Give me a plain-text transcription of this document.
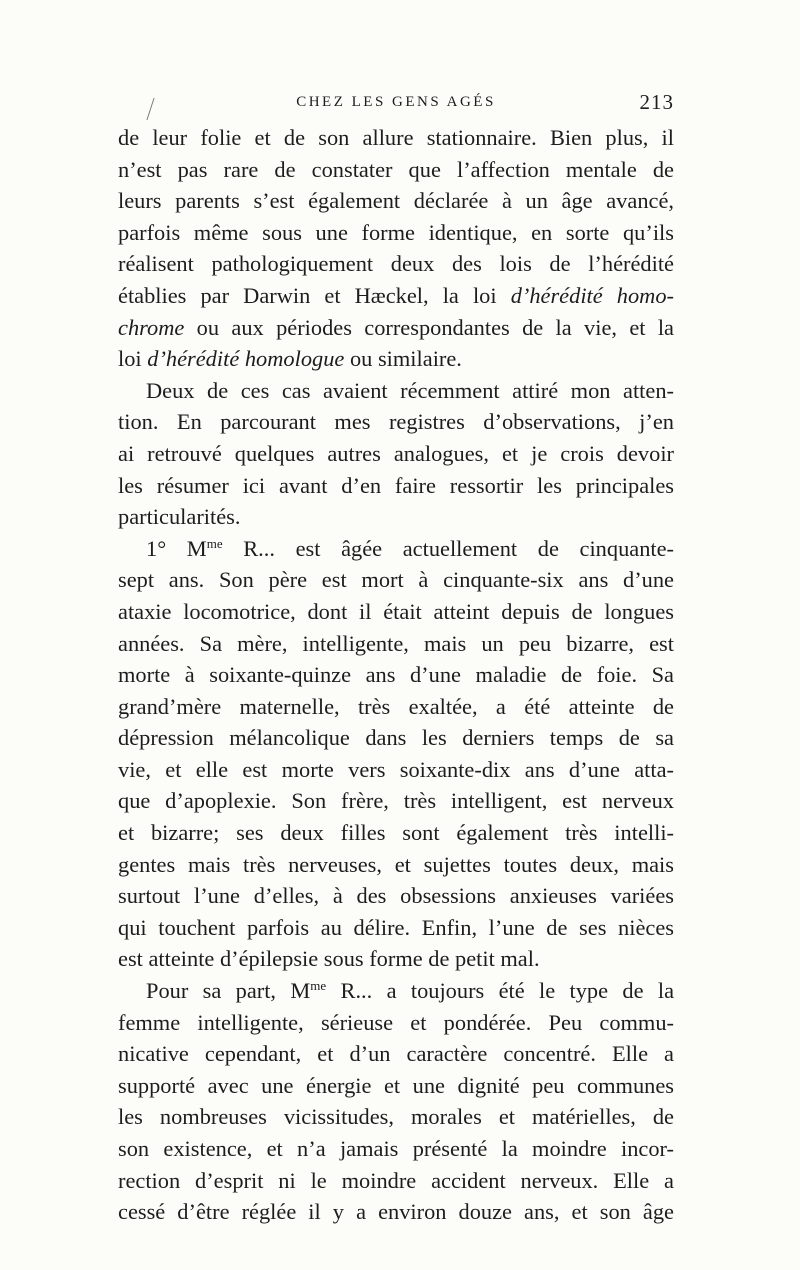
CHEZ LES GENS AGÉS	213
de leur folie et de son allure stationnaire. Bien plus, il
n’est pas rare de constater que l’affection mentale de
leurs parents s’est également déclarée à un âge avancé,
parfois même sous une forme identique, en sorte qu’ils
réalisent pathologiquement deux des lois de l’hérédité
établies par Darwin et Hæckel, la loi d’hérédité homo-
chrome ou aux périodes correspondantes de la vie, et la
loi d’hérédité homologue ou similaire.
Deux de ces cas avaient récemment attiré mon atten-
tion. En parcourant mes registres d’observations, j’en
ai retrouvé quelques autres analogues, et je crois devoir
les résumer ici avant d’en faire ressortir les principales
particularités.
1° $M^{me}$ R... est âgée actuellement de cinquante-
sept ans. Son père est mort à cinquante-six ans d’une
ataxie locomotrice, dont il était atteint depuis de longues
années. Sa mère, intelligente, mais un peu bizarre, est
morte à soixante-quinze ans d’une maladie de foie. Sa
grand’mère maternelle, très exaltée, a été atteinte de
dépression mélancolique dans les derniers temps de sa
vie, et elle est morte vers soixante-dix ans d’une atta-
que d’apoplexie. Son frère, très intelligent, est nerveux
et bizarre; ses deux filles sont également très intelli-
gentes mais très nerveuses, et sujettes toutes deux, mais
surtout l’une d’elles, à des obsessions anxieuses variées
qui touchent parfois au délire. Enfin, l’une de ses nièces
est atteinte d’épilepsie sous forme de petit mal.
Pour sa part, $M^{me}$ R... a toujours été le type de la
femme intelligente, sérieuse et pondérée. Peu commu-
nicative cependant, et d’un caractère concentré. Elle a
supporté avec une énergie et une dignité peu communes
les nombreuses vicissitudes, morales et matérielles, de
son existence, et n’a jamais présenté la moindre incor-
rection d’esprit ni le moindre accident nerveux. Elle a
cessé d’être réglée il y a environ douze ans, et son âge
